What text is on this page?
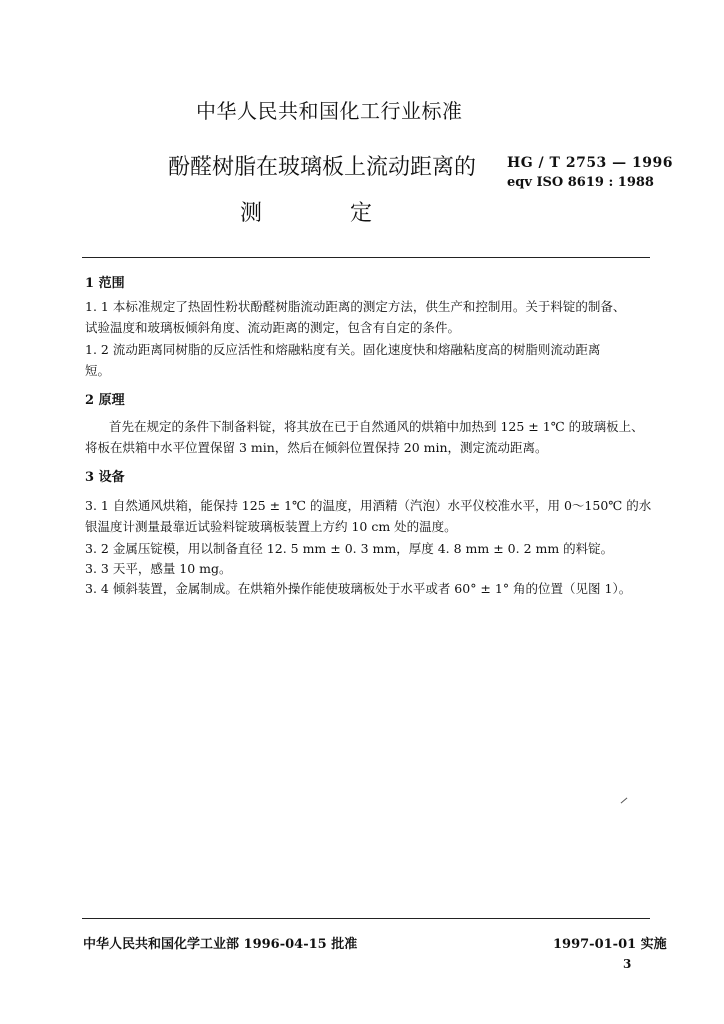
中华人民共和国化工行业标准
酚醛树脂在玻璃板上流动距离的
测	定
HG / T 2753 — 1996
eqv ISO 8619 : 1988
1 范围
1. 1 本标准规定了热固性粉状酚醛树脂流动距离的测定方法，供生产和控制用。关于料锭的制备、
试验温度和玻璃板倾斜角度、流动距离的测定，包含有自定的条件。
1. 2 流动距离同树脂的反应活性和熔融粘度有关。固化速度快和熔融粘度高的树脂则流动距离
短。
2 原理
首先在规定的条件下制备料锭，将其放在已于自然通风的烘箱中加热到 125 ± 1℃ 的玻璃板上、
将板在烘箱中水平位置保留 3 min，然后在倾斜位置保持 20 min，测定流动距离。
3 设备
3. 1 自然通风烘箱，能保持 125 ± 1℃ 的温度，用酒精（汽泡）水平仪校准水平，用 0～150℃ 的水
银温度计测量最靠近试验料锭玻璃板装置上方约 10 cm 处的温度。
3. 2 金属压锭模，用以制备直径 12. 5 mm ± 0. 3 mm，厚度 4. 8 mm ± 0. 2 mm 的料锭。
3. 3 天平，感量 10 mg。
3. 4 倾斜装置，金属制成。在烘箱外操作能使玻璃板处于水平或者 60° ± 1° 角的位置（见图 1）。
中华人民共和国化学工业部 1996-04-15 批准	1997-01-01 实施
3
